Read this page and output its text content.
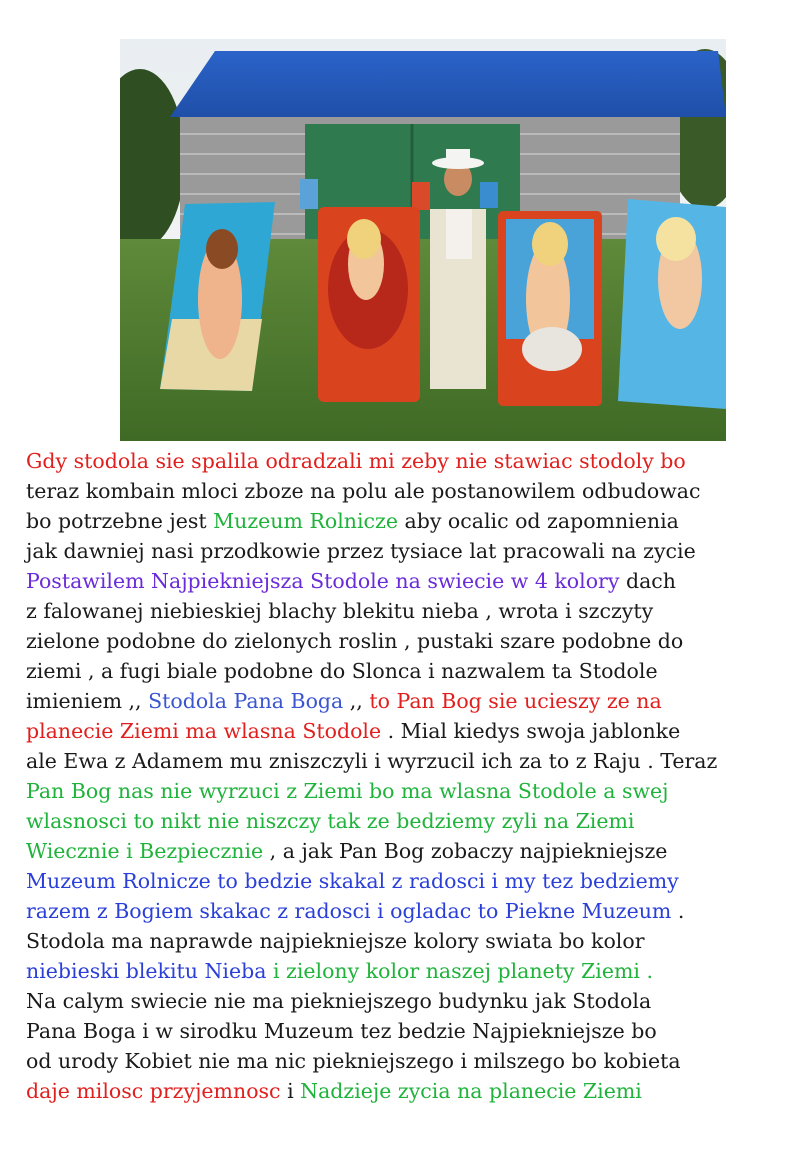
Gdy stodola sie spalila odradzali mi zeby nie stawiac stodoly bo
teraz kombain mloci zboze na polu ale postanowilem odbudowac
bo potrzebne jest Muzeum Rolnicze aby ocalic od zapomnienia
jak dawniej nasi przodkowie przez tysiace lat pracowali na zycie
Postawilem Najpiekniejsza Stodole na swiecie w 4 kolory dach
z falowanej niebieskiej blachy blekitu nieba , wrota i szczyty
zielone podobne do zielonych roslin , pustaki szare podobne do
ziemi , a fugi biale podobne do Slonca i nazwalem ta Stodole
imieniem ,, Stodola Pana Boga ,, to Pan Bog sie ucieszy ze na
planecie Ziemi ma wlasna Stodole . Mial kiedys swoja jablonke
ale Ewa z Adamem mu zniszczyli i wyrzucil ich za to z Raju . Teraz
Pan Bog nas nie wyrzuci z Ziemi bo ma wlasna Stodole a swej
wlasnosci to nikt nie niszczy tak ze bedziemy zyli na Ziemi
Wiecznie i Bezpiecznie , a jak Pan Bog zobaczy najpiekniejsze
Muzeum Rolnicze to bedzie skakal z radosci i my tez bedziemy
razem z Bogiem skakac z radosci i ogladac to Piekne Muzeum .
Stodola ma naprawde najpiekniejsze kolory swiata bo kolor
niebieski blekitu Nieba i zielony kolor naszej planety Ziemi .
Na calym swiecie nie ma piekniejszego budynku jak Stodola
Pana Boga i w sirodku Muzeum tez bedzie Najpiekniejsze bo
od urody Kobiet nie ma nic piekniejszego i milszego bo kobieta
daje milosc przyjemnosc i Nadzieje zycia na planecie Ziemi
